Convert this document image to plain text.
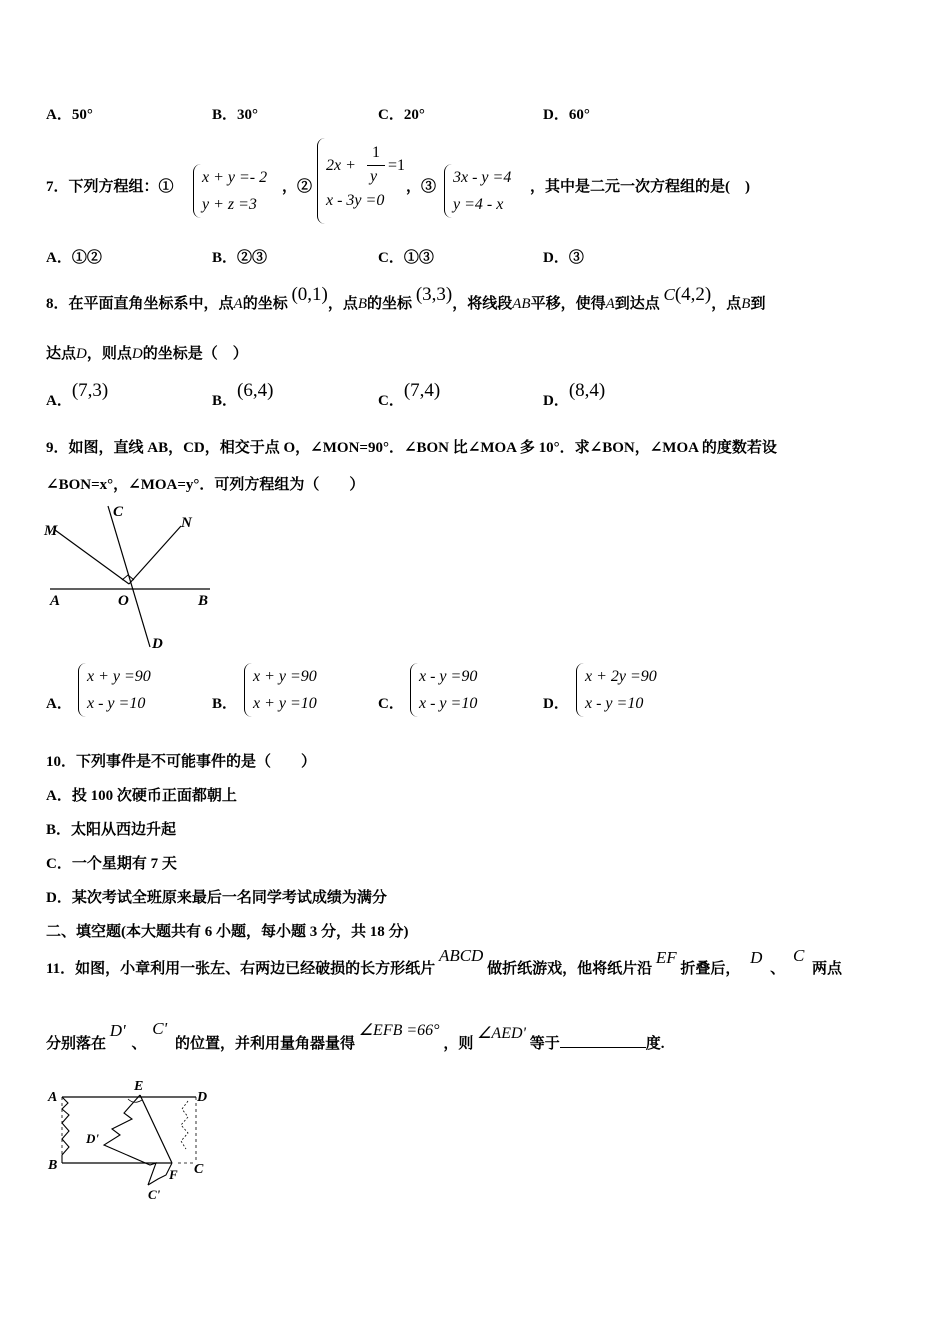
A．50°	B．30°	C．20°	D．60°
7．下列方程组：①
x + y =- 2
y + z =3
，②
2x +
1
y
=1
x - 3y =0
，③
3x - y =4
y =4 - x
，其中是二元一次方程组的是(　)
A．①②	B．②③	C．①③	D．③
8．在平面直角坐标系中，点A的坐标 (0,1)，点B的坐标 (3,3)，将线段AB平移，使得A到达点 C(4,2)，点B到
达点D，则点D的坐标是（　）
A．(7,3)	B．(6,4)	C．(7,4)	D．(8,4)
9．如图，直线 AB，CD，相交于点 O，∠MON=90°．∠BON 比∠MOA 多 10°．求∠BON，∠MOA 的度数若设
∠BON=x°，∠MOA=y°．可列方程组为（　　）
M
C
N
A	O	B
D
A．
x + y =90
x - y =10	B．
x + y =90
x + y =10	C．
x - y =90
x - y =10	D．
x + 2y =90
x - y =10
10．下列事件是不可能事件的是（　　）
A．投 100 次硬币正面都朝上
B．太阳从西边升起
C．一个星期有 7 天
D．某次考试全班原来最后一名同学考试成绩为满分
二、填空题(本大题共有 6 小题，每小题 3 分，共 18 分)
11．如图，小章利用一张左、右两边已经破损的长方形纸片 ABCD 做折纸游戏，他将纸片沿 EF 折叠后， D 、 C 两点
分别落在 D' 、 C' 的位置，并利用量角器量得 ∠EFB =66° ，则 ∠AED' 等于	度.
A
E
D
D'
B
F C
C'
